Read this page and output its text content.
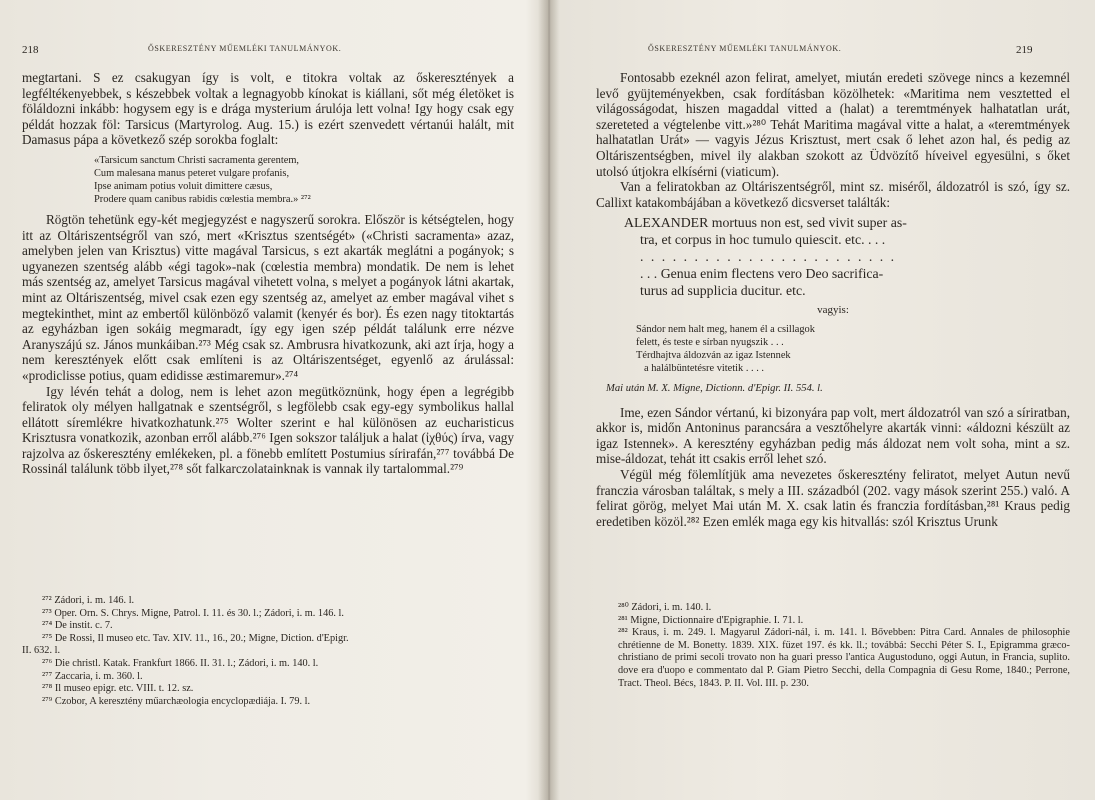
218	ŐSKERESZTÉNY MŰEMLÉKI TANULMÁNYOK.

megtartani. S ez csakugyan így is volt, e titokra voltak az őskeresztények a legféltékenyebbek, s készebbek voltak a legnagyobb kínokat is kiállani, sőt még életöket is föláldozni inkább: hogysem egy is e drága mysterium árulója lett volna! Igy hogy csak egy példát hozzak föl: Tarsicus (Martyrolog. Aug. 15.) is ezért szenvedett vértanúi halált, mit Damasus pápa a következő szép sorokba foglalt:

«Tarsicum sanctum Christi sacramenta gerentem,
Cum malesana manus peteret vulgare profanis,
Ipse animam potius voluit dimittere cæsus,
Prodere quam canibus rabidis cœlestia membra.» ²⁷²

Rögtön tehetünk egy-két megjegyzést e nagyszerű sorokra. Először is kétségtelen, hogy itt az Oltáriszentségről van szó, mert «Krisztus szentségét» («Christi sacramenta» azaz, amelyben jelen van Krisztus) vitte magával Tarsicus, s ezt akarták meglátni a pogányok; s ugyanezen szentség alább «égi tagok»-nak (cœlestia membra) mondatik. De nem is lehet más szentség az, amelyet Tarsicus magával vihetett volna, s melyet a pogányok látni akartak, mint az Oltáriszentség, mivel csak ezen egy szentség az, amelyet az ember magával vihet s megtekinthet, mint az embertől különböző valamit (kenyér és bor). És ezen nagy titoktartás az egyházban igen sokáig megmaradt, így egy igen szép példát találunk erre nézve Aranyszájú sz. János munkáiban.²⁷³ Még csak sz. Ambrusra hivatkozunk, aki azt írja, hogy a nem keresztények előtt csak említeni is az Oltáriszentséget, egyenlő az árulással: «prodiclisse potius, quam edidisse æstimaremur».²⁷⁴

Igy lévén tehát a dolog, nem is lehet azon megütköznünk, hogy épen a legrégibb feliratok oly mélyen hallgatnak e szentségről, s legfölebb csak egy-egy symbolikus hallal ellátott síremlékre hivatkozhatunk.²⁷⁵ Wolter szerint e hal különösen az eucharisticus Krisztusra vonatkozik, azonban erről alább.²⁷⁶ Igen sokszor találjuk a halat (ἰχθύς) írva, vagy rajzolva az őskeresztény emlékeken, pl. a fönebb említett Postumius sírirafán,²⁷⁷ továbbá De Rossinál találunk több ilyet,²⁷⁸ sőt falkarczolatainknak is vannak ily tartalommal.²⁷⁹

²⁷² Zádori, i. m. 146. l.
²⁷³ Oper. Orn. S. Chrys. Migne, Patrol. I. 11. és 30. l.; Zádori, i. m. 146. l.
²⁷⁴ De instit. c. 7.
²⁷⁵ De Rossi, Il museo etc. Tav. XIV. 11., 16., 20.; Migne, Diction. d'Epigr.
II. 632. l.
²⁷⁶ Die christl. Katak. Frankfurt 1866. II. 31. l.; Zádori, i. m. 140. l.
²⁷⁷ Zaccaria, i. m. 360. l.
²⁷⁸ Il museo epigr. etc. VIII. t. 12. sz.
²⁷⁹ Czobor, A keresztény műarchæologia encyclopædiája. I. 79. l.
ŐSKERESZTÉNY MŰEMLÉKI TANULMÁNYOK.	219

Fontosabb ezeknél azon felirat, amelyet, miután eredeti szövege nincs a kezemnél levő gyüjteményekben, csak fordításban közölhetek: «Maritima nem vesztetted el világosságodat, hiszen magaddal vitted a (halat) a teremtmények halhatatlan urát, szereteted a végtelenbe vitt.»²⁸⁰ Tehát Maritima magával vitte a halat, a «teremtmények halhatatlan Urát» — vagyis Jézus Krisztust, mert csak ő lehet azon hal, és pedig az Oltáriszentségben, mivel ily alakban szokott az Üdvözítő híveivel egyesülni, s őket utolsó útjokra elkísérni (viaticum).

Van a feliratokban az Oltáriszentségről, mint sz. miséről, áldozatról is szó, így sz. Callixt katakombájában a következő dicsverset találták:

ALEXANDER mortuus non est, sed vivit super as-
tra, et corpus in hoc tumulo quiescit. etc. . . .
. . . . . . . . . . . . . . . . . . . . . . . .
. . . Genua enim flectens vero Deo sacrifica-
turus ad supplicia ducitur. etc.
vagyis:
Sándor nem halt meg, hanem él a csillagok
felett, és teste e sírban nyugszik . . .
Térdhajtva áldozván az igaz Istennek
a halálbüntetésre vitetik . . . .
Mai után M. X. Migne, Dictionn. d'Epigr. II. 554. l.

Ime, ezen Sándor vértanú, ki bizonyára pap volt, mert áldozatról van szó a síriratban, akkor is, midőn Antoninus parancsára a vesztőhelyre akarták vinni: «áldozni készült az igaz Istennek». A keresztény egyházban pedig más áldozat nem volt soha, mint a sz. mise-áldozat, tehát itt csakis erről lehet szó.

Végül még fölemlítjük ama nevezetes őskeresztény feliratot, melyet Autun nevű franczia városban találtak, s mely a III. századból (202. vagy mások szerint 255.) való. A felirat görög, melyet Mai után M. X. csak latin és franczia fordításban,²⁸¹ Kraus pedig eredetiben közöl.²⁸² Ezen emlék maga egy kis hitvallás: szól Krisztus Urunk

²⁸⁰ Zádori, i. m. 140. l.
²⁸¹ Migne, Dictionnaire d'Epigraphie. I. 71. l.
²⁸² Kraus, i. m. 249. l. Magyarul Zádori-nál, i. m. 141. l. Bővebben: Pitra Card. Annales de philosophie chrétienne de M. Bonetty. 1839. XIX. füzet 197. és kk. ll.; továbbá: Secchi Péter S. I., Epigramma græco-christiano de primi secoli trovato non ha guari presso l'antica Augustoduno, oggi Autun, in Francia, suplito. dove era d'uopo e commentato dal P. Giam Pietro Secchi, della Compagnia di Gesu Rome, 1840.; Perrone, Tract. Theol. Bécs, 1843. P. II. Vol. III. p. 230.
